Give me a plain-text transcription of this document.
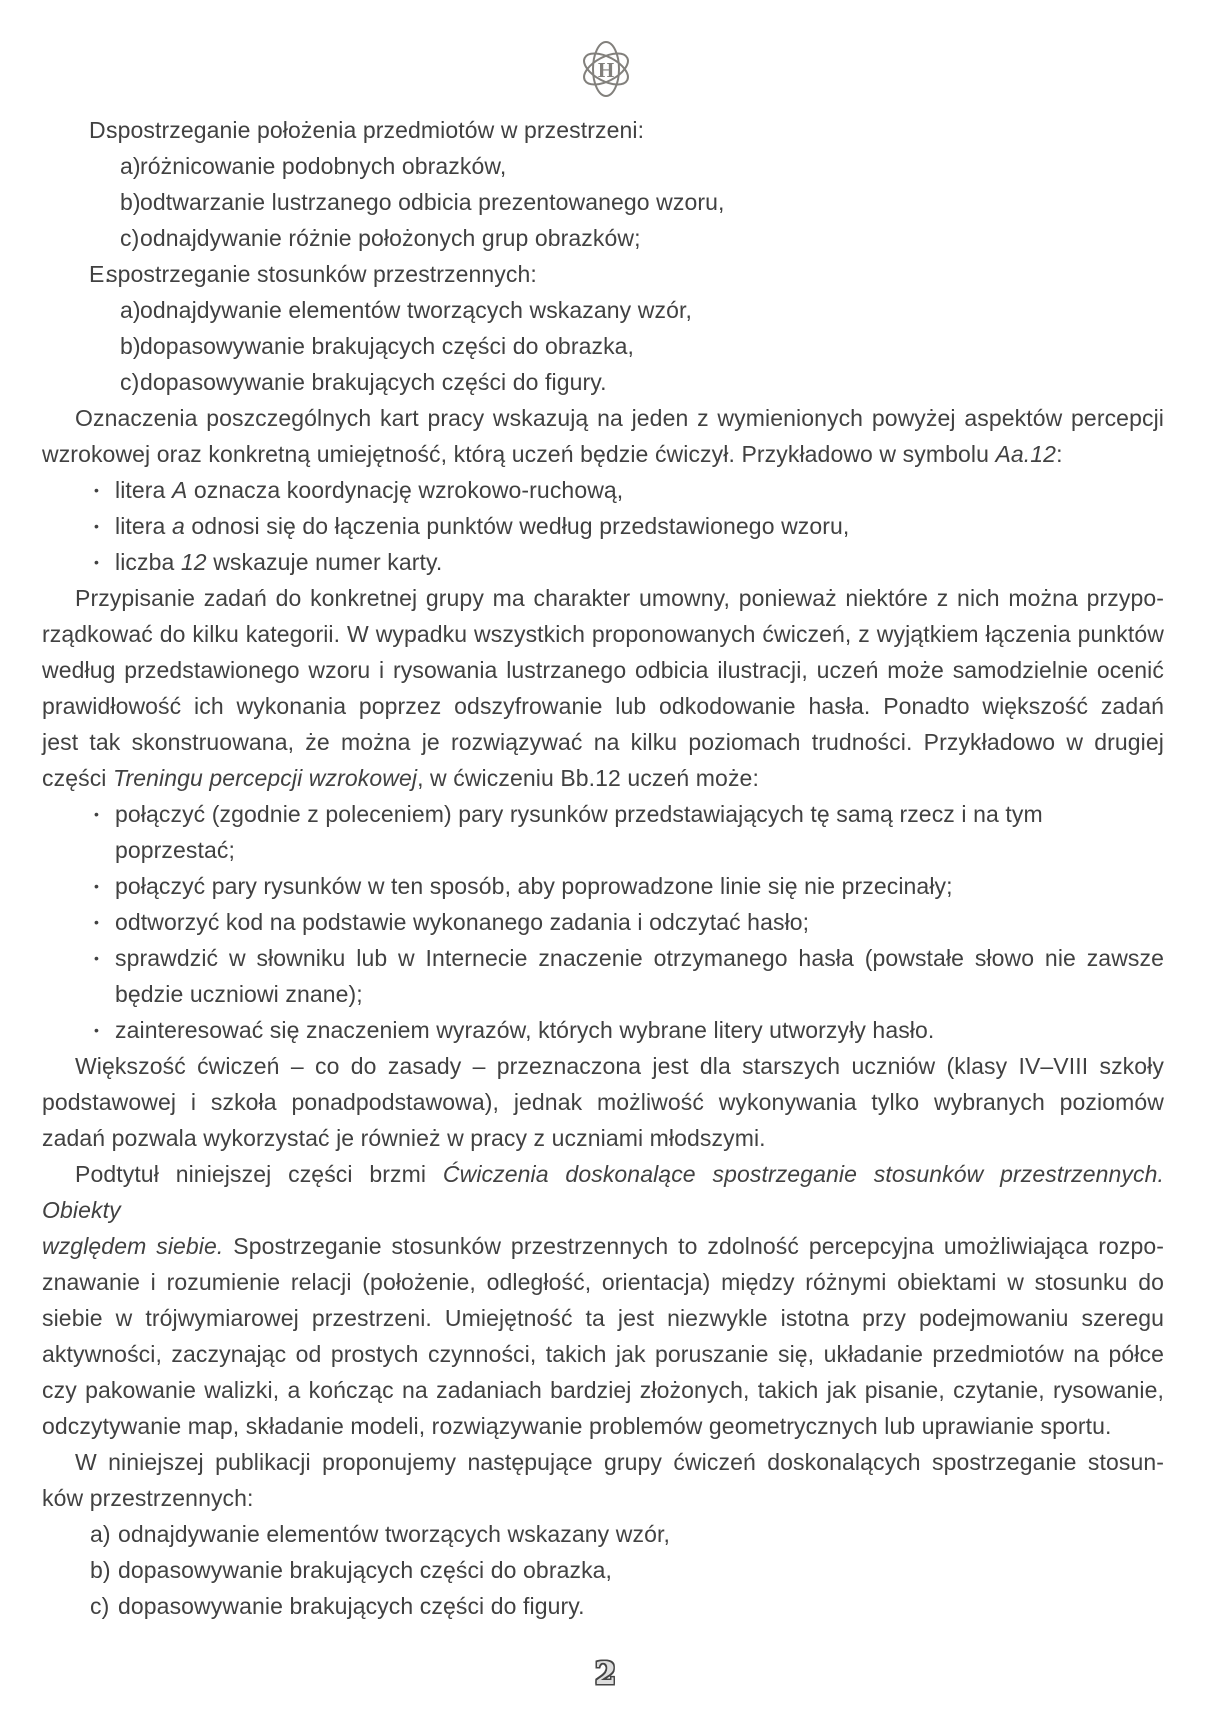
H
D.
spostrzeganie położenia przedmiotów w przestrzeni:
a) różnicowanie podobnych obrazków,
b) odtwarzanie lustrzanego odbicia prezentowanego wzoru,
c) odnajdywanie różnie położonych grup obrazków;
E.
spostrzeganie stosunków przestrzennych:
a) odnajdywanie elementów tworzących wskazany wzór,
b) dopasowywanie brakujących części do obrazka,
c) dopasowywanie brakujących części do figury.
Oznaczenia poszczególnych kart pracy wskazują na jeden z wymienionych powyżej aspektów percepcji
wzrokowej oraz konkretną umiejętność, którą uczeń będzie ćwiczył. Przykładowo w symbolu Aa.12:
• litera A oznacza koordynację wzrokowo-ruchową,
• litera a odnosi się do łączenia punktów według przedstawionego wzoru,
• liczba 12 wskazuje numer karty.
Przypisanie zadań do konkretnej grupy ma charakter umowny, ponieważ niektóre z nich można przypo-
rządkować do kilku kategorii. W wypadku wszystkich proponowanych ćwiczeń, z wyjątkiem łączenia punktów
według przedstawionego wzoru i rysowania lustrzanego odbicia ilustracji, uczeń może samodzielnie ocenić
prawidłowość ich wykonania poprzez odszyfrowanie lub odkodowanie hasła. Ponadto większość zadań
jest tak skonstruowana, że można je rozwiązywać na kilku poziomach trudności. Przykładowo w drugiej
części Treningu percepcji wzrokowej, w ćwiczeniu Bb.12 uczeń może:
• połączyć (zgodnie z poleceniem) pary rysunków przedstawiających tę samą rzecz i na tym poprzestać;
• połączyć pary rysunków w ten sposób, aby poprowadzone linie się nie przecinały;
• odtworzyć kod na podstawie wykonanego zadania i odczytać hasło;
• sprawdzić w słowniku lub w Internecie znaczenie otrzymanego hasła (powstałe słowo nie zawsze
będzie uczniowi znane);
• zainteresować się znaczeniem wyrazów, których wybrane litery utworzyły hasło.
Większość ćwiczeń – co do zasady – przeznaczona jest dla starszych uczniów (klasy IV–VIII szkoły
podstawowej i szkoła ponadpodstawowa), jednak możliwość wykonywania tylko wybranych poziomów
zadań pozwala wykorzystać je również w pracy z uczniami młodszymi.
Podtytuł niniejszej części brzmi Ćwiczenia doskonalące spostrzeganie stosunków przestrzennych. Obiekty
względem siebie. Spostrzeganie stosunków przestrzennych to zdolność percepcyjna umożliwiająca rozpo-
znawanie i rozumienie relacji (położenie, odległość, orientacja) między różnymi obiektami w stosunku do
siebie w trójwymiarowej przestrzeni. Umiejętność ta jest niezwykle istotna przy podejmowaniu szeregu
aktywności, zaczynając od prostych czynności, takich jak poruszanie się, układanie przedmiotów na półce
czy pakowanie walizki, a kończąc na zadaniach bardziej złożonych, takich jak pisanie, czytanie, rysowanie,
odczytywanie map, składanie modeli, rozwiązywanie problemów geometrycznych lub uprawianie sportu.
W niniejszej publikacji proponujemy następujące grupy ćwiczeń doskonalących spostrzeganie stosun-
ków przestrzennych:
a) odnajdywanie elementów tworzących wskazany wzór,
b) dopasowywanie brakujących części do obrazka,
c) dopasowywanie brakujących części do figury.
2
